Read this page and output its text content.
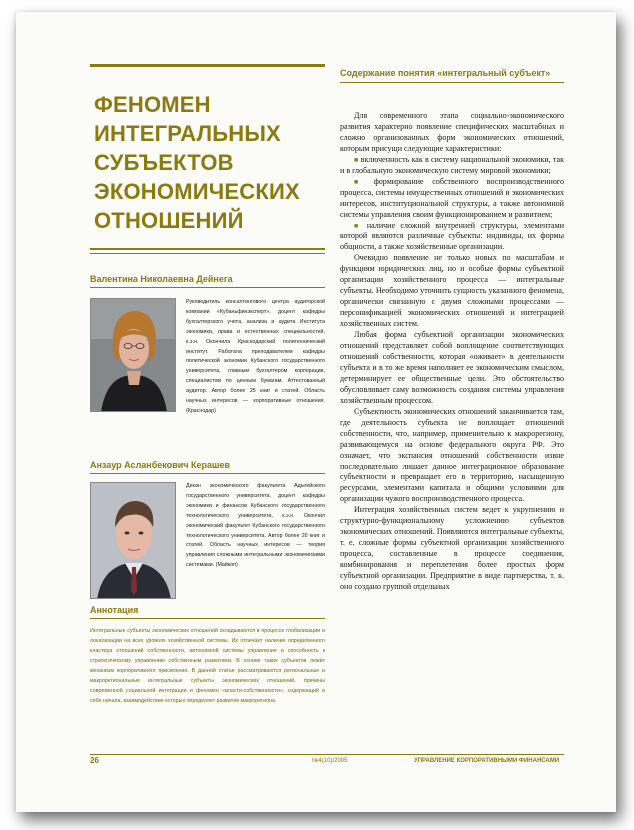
ФЕНОМЕН ИНТЕГРАЛЬНЫХ СУБЪЕКТОВ ЭКОНОМИЧЕСКИХ ОТНОШЕНИЙ
Валентина Николаевна Дейнега
Руководитель консалтингового центра аудиторской компании «Кубаньфинэксперт», доцент кафедры бухгалтерского учета, анализа и аудита Института экономики, права и естественных специальностей, к.э.н. Окончила Краснодарский политехнический институт. Работала преподавателем кафедры политической экономии Кубанского государственного университета, главным бухгалтером корпорации, специалистом по ценным бумагам. Аттестованный аудитор. Автор более 25 книг и статей. Область научных интересов — корпоративные отношения. (Краснодар)
Анзаур Асланбекович Керашев
Декан экономического факультета Адыгейского государственного университета, доцент кафедры экономики и финансов Кубанского государственного технологического университета, к.э.н. Окончил экономический факультет Кубанского государственного технологического университета. Автор более 20 книг и статей. Область научных интересов — теория управления сложными интегральными экономическими системами. (Майкоп)
Аннотация
Интегральные субъекты экономических отношений складываются в процессе глобализации и локализации на всех уровнях хозяйственной системы. Их отличает наличие определенного кластера отношений собственности, автономной системы управления и способность к стратегическому управлению собственным развитием. В основе таких субъектов лежит механизм корпоративного присвоения. В данной статье рассматриваются региональные и макрорегиональные интегральные субъекты экономических отношений, причины современной социальной интеграции и феномен «власти-собственности», содержащий в себе начала, взаимодействие которых определяет развитие макрорегиона.
Содержание понятия «интегральный субъект»

Для современного этапа социально-экономического развития характерно появление специфических масштабных и сложно организованных форм экономических отношений, которым присущи следующие характеристики:

■ включенность как в систему национальной экономики, так и в глобальную экономическую систему мировой экономики;

■ формирование собственного воспроизводственного процесса, системы имущественных отношений и экономических интересов, институциональной структуры, а также автономной системы управления своим функционированием и развитием;

■ наличие сложной внутренней структуры, элементами которой являются различные субъекты: индивиды, их формы общности, а также хозяйственные организации.

Очевидно появление не только новых по масштабам и функциям юридических лиц, но и особые формы субъектной организации хозяйственного процесса — интегральные субъекты. Необходимо уточнить сущность указанного феномена, органически связанную с двумя сложными процессами — персонификацией экономических отношений и интеграцией хозяйственных систем.

Любая форма субъектной организации экономических отношений представляет собой воплощение соответствующих отношений собственности, которая «оживает» в деятельности субъекта и в то же время наполняет ее экономическим смыслом, детерминирует ее общественные цели. Это обстоятельство обусловливает саму возможность создания системы управления хозяйственным процессом.

Субъектность экономических отношений заканчивается там, где деятельность субъекта не воплощает отношений собственности, что, например, применительно к макрорегиону, развивающемуся на основе федерального округа РФ. Это означает, что экспансия отношений собственности извне последовательно лишает данное интеграционное образование субъектности и превращает его в территорию, насыщенную ресурсами, элементами капитала и общими условиями для организации чужого воспроизводственного процесса.

Интеграция хозяйственных систем ведет к укрупнению и структурно-функциональному усложнению субъектов экономических отношений. Появляются интегральные субъекты, т. е. сложные формы субъектной организации хозяйственного процесса, составленные в процессе соединения, комбинирования и переплетения более простых форм субъектной организации. Предприятие в виде партнерства, т. к. оно создано группой отдельных

26	№4(10)/2005	УПРАВЛЕНИЕ КОРПОРАТИВНЫМИ ФИНАНСАМИ
